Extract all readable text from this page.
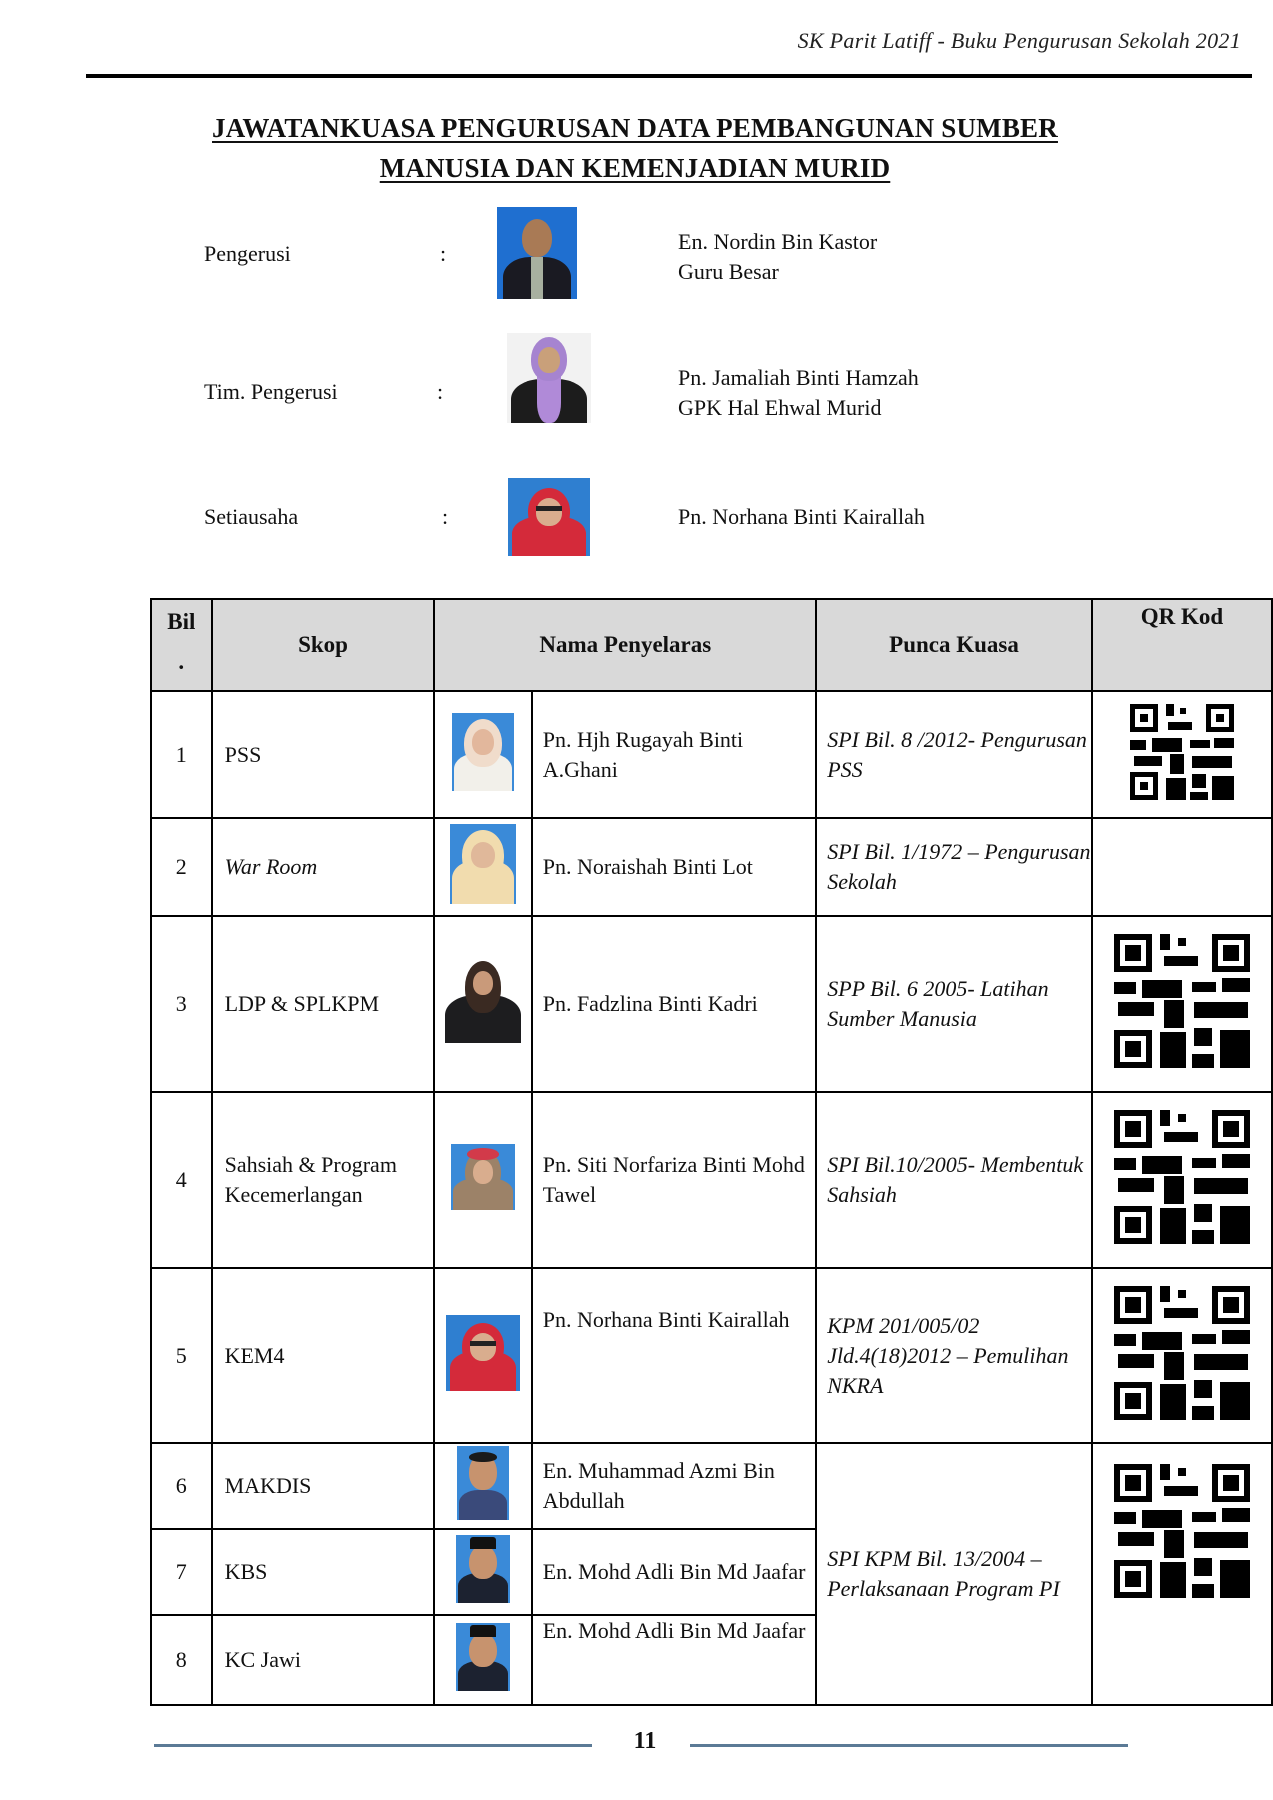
SK Parit Latiff - Buku Pengurusan Sekolah 2021
JAWATANKUASA PENGURUSAN DATA PEMBANGUNAN SUMBER
MANUSIA DAN KEMENJADIAN MURID
Pengerusi	:	En. Nordin Bin Kastor
Guru Besar
Tim. Pengerusi	:
Pn. Jamaliah Binti Hamzah
GPK Hal Ehwal Murid
Setiausaha	:	Pn. Norhana Binti Kairallah
Bil
.	Skop	Nama Penyelaras		Punca Kuasa	QR Kod
1	PSS		Pn. Hjh Rugayah Binti A.Ghani	SPI Bil. 8 /2012- Pengurusan PSS	

2	War Room		Pn. Noraishah Binti Lot	SPI Bil. 1/1972 – Pengurusan Sekolah	
3	LDP & SPLKPM		Pn. Fadzlina Binti Kadri	SPP Bil. 6 2005- Latihan Sumber Manusia	

4	Sahsiah & Program Kecemerlangan		Pn. Siti Norfariza Binti Mohd Tawel	SPI Bil.10/2005- Membentuk Sahsiah	

5	KEM4		Pn. Norhana Binti Kairallah	KPM 201/005/02 Jld.4(18)2012 – Pemulihan NKRA	

6	MAKDIS		En. Muhammad Azmi Bin Abdullah	SPI KPM Bil. 13/2004 – Perlaksanaan Program PI	

7	KBS		En. Mohd Adli Bin Md Jaafar		
8	KC Jawi		En. Mohd Adli Bin Md Jaafar		
11
